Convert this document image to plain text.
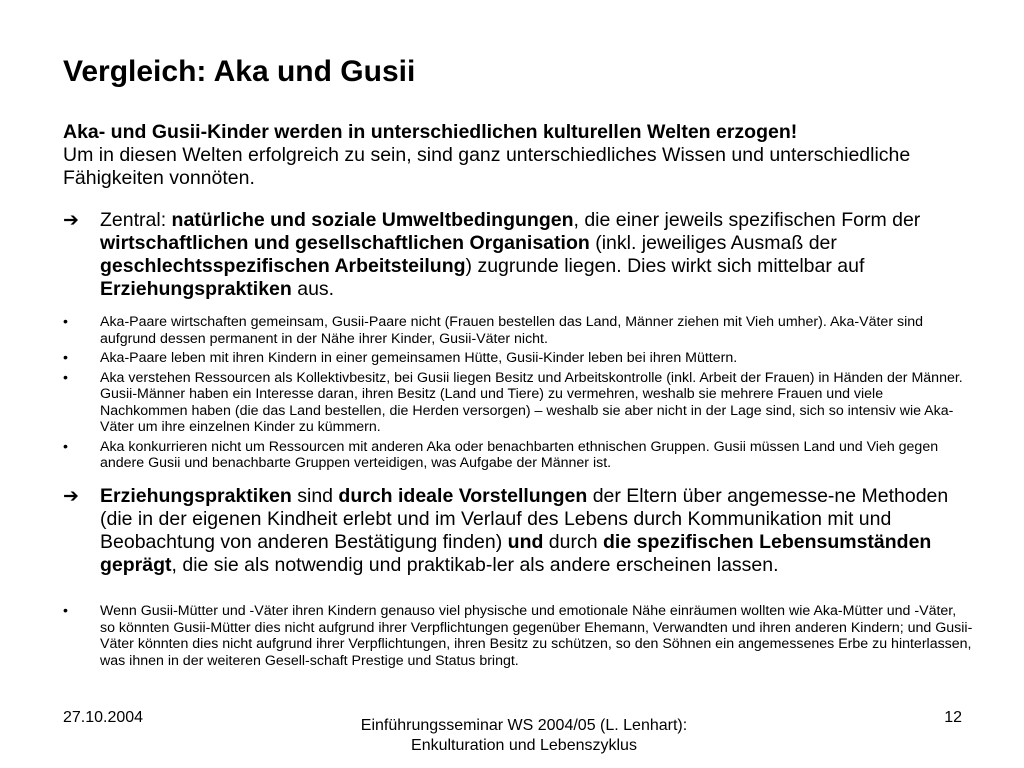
Vergleich: Aka und Gusii
Aka- und Gusii-Kinder werden in unterschiedlichen kulturellen Welten erzogen!
Um in diesen Welten erfolgreich zu sein, sind ganz unterschiedliches Wissen und unterschiedliche Fähigkeiten vonnöten.
➔	Zentral: natürliche und soziale Umweltbedingungen, die einer jeweils spezifischen Form der wirtschaftlichen und gesellschaftlichen Organisation (inkl. jeweiliges Ausmaß der geschlechtsspezifischen Arbeitsteilung) zugrunde liegen. Dies wirkt sich mittelbar auf Erziehungspraktiken aus.
•	Aka-Paare wirtschaften gemeinsam, Gusii-Paare nicht (Frauen bestellen das Land, Männer ziehen mit Vieh umher). Aka-Väter sind aufgrund dessen permanent in der Nähe ihrer Kinder, Gusii-Väter nicht.
•	Aka-Paare leben mit ihren Kindern in einer gemeinsamen Hütte, Gusii-Kinder leben bei ihren Müttern.
•	Aka verstehen Ressourcen als Kollektivbesitz, bei Gusii liegen Besitz und Arbeitskontrolle (inkl. Arbeit der Frauen) in Händen der Männer. Gusii-Männer haben ein Interesse daran, ihren Besitz (Land und Tiere) zu vermehren, weshalb sie mehrere Frauen und viele Nachkommen haben (die das Land bestellen, die Herden versorgen) – weshalb sie aber nicht in der Lage sind, sich so intensiv wie Aka-Väter um ihre einzelnen Kinder zu kümmern.
•	Aka konkurrieren nicht um Ressourcen mit anderen Aka oder benachbarten ethnischen Gruppen. Gusii müssen Land und Vieh gegen andere Gusii und benachbarte Gruppen verteidigen, was Aufgabe der Männer ist.
➔	Erziehungspraktiken sind durch ideale Vorstellungen der Eltern über angemesse-ne Methoden (die in der eigenen Kindheit erlebt und im Verlauf des Lebens durch Kommunikation mit und Beobachtung von anderen Bestätigung finden) und durch die spezifischen Lebensumständen geprägt, die sie als notwendig und praktikab-ler als andere erscheinen lassen.
•	Wenn Gusii-Mütter und -Väter ihren Kindern genauso viel physische und emotionale Nähe einräumen wollten wie Aka-Mütter und -Väter, so könnten Gusii-Mütter dies nicht aufgrund ihrer Verpflichtungen gegenüber Ehemann, Verwandten und ihren anderen Kindern; und Gusii-Väter könnten dies nicht aufgrund ihrer Verpflichtungen, ihren Besitz zu schützen, so den Söhnen ein angemessenes Erbe zu hinterlassen, was ihnen in der weiteren Gesell-schaft Prestige und Status bringt.
27.10.2004	Einführungsseminar WS 2004/05 (L. Lenhart):
Enkulturation und Lebenszyklus
12
